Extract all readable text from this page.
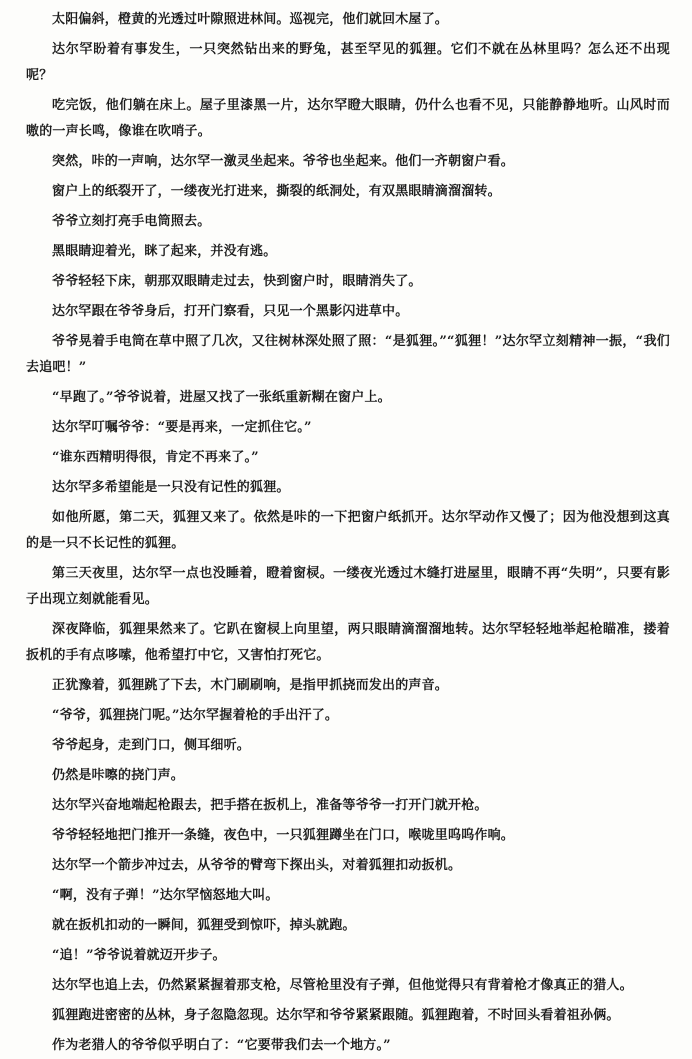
太阳偏斜，橙黄的光透过叶隙照进林间。巡视完，他们就回木屋了。

达尔罕盼着有事发生，一只突然钻出来的野兔，甚至罕见的狐狸。它们不就在丛林里吗？怎么还不出现呢？

吃完饭，他们躺在床上。屋子里漆黑一片，达尔罕瞪大眼睛，仍什么也看不见，只能静静地听。山风时而嗷的一声长鸣，像谁在吹哨子。

突然，咔的一声响，达尔罕一激灵坐起来。爷爷也坐起来。他们一齐朝窗户看。

窗户上的纸裂开了，一缕夜光打进来，撕裂的纸洞处，有双黑眼睛滴溜溜转。

爷爷立刻打亮手电筒照去。

黑眼睛迎着光，眯了起来，并没有逃。

爷爷轻轻下床，朝那双眼睛走过去，快到窗户时，眼睛消失了。

达尔罕跟在爷爷身后，打开门察看，只见一个黑影闪进草中。

爷爷晃着手电筒在草中照了几次，又往树林深处照了照：“是狐狸。”“狐狸！”达尔罕立刻精神一振，“我们去追吧！”

“早跑了。”爷爷说着，进屋又找了一张纸重新糊在窗户上。

达尔罕叮嘱爷爷：“要是再来，一定抓住它。”

“谁东西精明得很，肯定不再来了。”

达尔罕多希望能是一只没有记性的狐狸。

如他所愿，第二天，狐狸又来了。依然是咔的一下把窗户纸抓开。达尔罕动作又慢了；因为他没想到这真的是一只不长记性的狐狸。

第三天夜里，达尔罕一点也没睡着，瞪着窗棂。一缕夜光透过木缝打进屋里，眼睛不再“失明”，只要有影子出现立刻就能看见。

深夜降临，狐狸果然来了。它趴在窗棂上向里望，两只眼睛滴溜溜地转。达尔罕轻轻地举起枪瞄准，搂着扳机的手有点哆嗦，他希望打中它，又害怕打死它。

正犹豫着，狐狸跳了下去，木门刷刷响，是指甲抓挠而发出的声音。

“爷爷，狐狸挠门呢。”达尔罕握着枪的手出汗了。

爷爷起身，走到门口，侧耳细听。

仍然是咔嚓的挠门声。

达尔罕兴奋地端起枪跟去，把手搭在扳机上，准备等爷爷一打开门就开枪。

爷爷轻轻地把门推开一条缝，夜色中，一只狐狸蹲坐在门口，喉咙里呜呜作响。

达尔罕一个箭步冲过去，从爷爷的臂弯下探出头，对着狐狸扣动扳机。

“啊，没有子弹！”达尔罕恼怒地大叫。

就在扳机扣动的一瞬间，狐狸受到惊吓，掉头就跑。

“追！”爷爷说着就迈开步子。

达尔罕也追上去，仍然紧紧握着那支枪，尽管枪里没有子弹，但他觉得只有背着枪才像真正的猎人。

狐狸跑进密密的丛林，身子忽隐忽现。达尔罕和爷爷紧紧跟随。狐狸跑着，不时回头看着祖孙俩。

作为老猎人的爷爷似乎明白了：“它要带我们去一个地方。”
